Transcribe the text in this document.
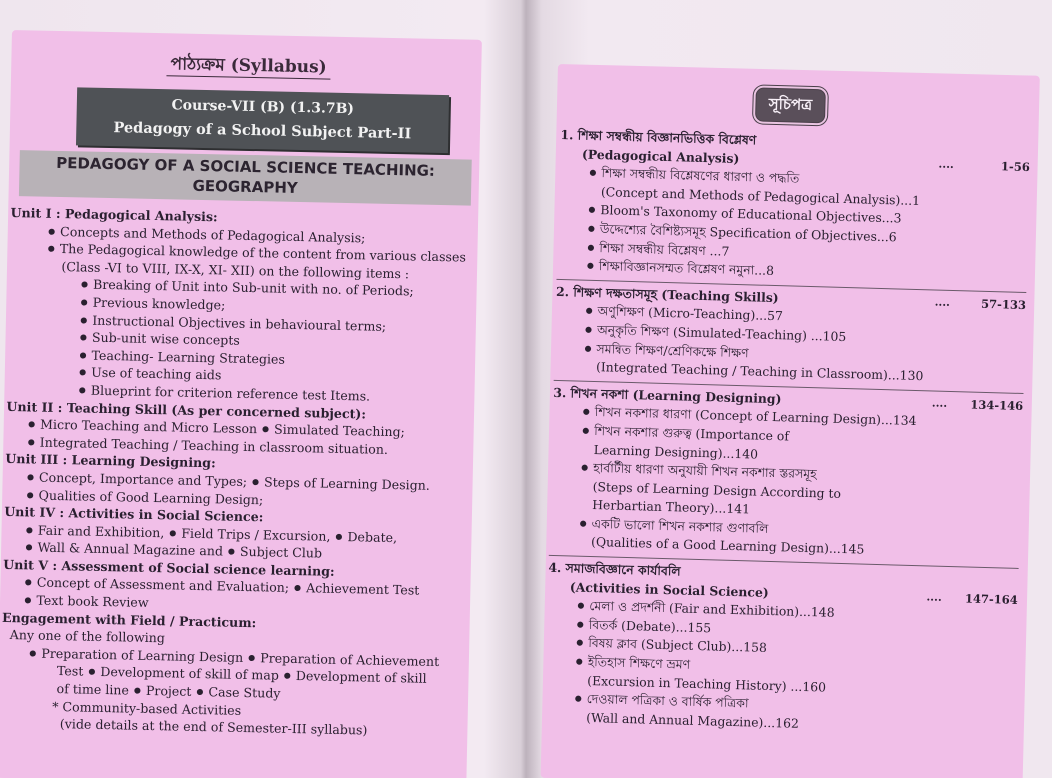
পাঠ্যক্রম (Syllabus)
Course-VII (B) (1.3.7B)
Pedagogy of a School Subject Part-II
PEDAGOGY OF A SOCIAL SCIENCE TEACHING:
GEOGRAPHY
Unit I : Pedagogical Analysis:
● Concepts and Methods of Pedagogical Analysis;
● The Pedagogical knowledge of the content from various classes
(Class -VI to VIII, IX-X, XI- XII) on the following items :
● Breaking of Unit into Sub-unit with no. of Periods;
● Previous knowledge;
● Instructional Objectives in behavioural terms;
● Sub-unit wise concepts
● Teaching- Learning Strategies
● Use of teaching aids
● Blueprint for criterion reference test Items.
Unit II : Teaching Skill (As per concerned subject):
● Micro Teaching and Micro Lesson ● Simulated Teaching;
● Integrated Teaching / Teaching in classroom situation.
Unit III : Learning Designing:
● Concept, Importance and Types; ● Steps of Learning Design.
● Qualities of Good Learning Design;
Unit IV : Activities in Social Science:
● Fair and Exhibition, ● Field Trips / Excursion, ● Debate,
● Wall & Annual Magazine and ● Subject Club
Unit V : Assessment of Social science learning:
● Concept of Assessment and Evaluation; ● Achievement Test
● Text book Review
Engagement with Field / Practicum:
Any one of the following
● Preparation of Learning Design ● Preparation of Achievement
Test ● Development of skill of map ● Development of skill
of time line ● Project ● Case Study
* Community-based Activities
(vide details at the end of Semester-III syllabus)
সূচিপত্র
1. শিক্ষা সম্বন্ধীয় বিজ্ঞানভিত্তিক বিশ্লেষণ
(Pedagogical Analysis)	....	1-56
● শিক্ষা সম্বন্ধীয় বিশ্লেষণের ধারণা ও পদ্ধতি
(Concept and Methods of Pedagogical Analysis)...1
● Bloom's Taxonomy of Educational Objectives...3
● উদ্দেশ্যের বৈশিষ্ট্যসমূহ Specification of Objectives...6
● শিক্ষা সম্বন্ধীয় বিশ্লেষণ ...7
● শিক্ষাবিজ্ঞানসম্মত বিশ্লেষণ নমুনা...8
2. শিক্ষণ দক্ষতাসমূহ (Teaching Skills)	....	57-133
● অণুশিক্ষণ (Micro-Teaching)...57
● অনুকৃতি শিক্ষণ (Simulated-Teaching) ...105
● সমন্বিত শিক্ষণ/শ্রেণিকক্ষে শিক্ষণ
(Integrated Teaching / Teaching in Classroom)...130
3. শিখন নকশা (Learning Designing)	.... 134-146
● শিখন নকশার ধারণা (Concept of Learning Design)...134
● শিখন নকশার গুরুত্ব (Importance of
Learning Designing)...140
● হার্বার্টীয় ধারণা অনুযায়ী শিখন নকশার স্তরসমূহ
(Steps of Learning Design According to
Herbartian Theory)...141
● একটি ভালো শিখন নকশার গুণাবলি
(Qualities of a Good Learning Design)...145
4. সমাজবিজ্ঞানে কার্যাবলি
(Activities in Social Science)	.... 147-164
● মেলা ও প্রদর্শনী (Fair and Exhibition)...148
● বিতর্ক (Debate)...155
● বিষয় ক্লাব (Subject Club)...158
● ইতিহাস শিক্ষণে ভ্রমণ
(Excursion in Teaching History) ...160
● দেওয়াল পত্রিকা ও বার্ষিক পত্রিকা
(Wall and Annual Magazine)...162
